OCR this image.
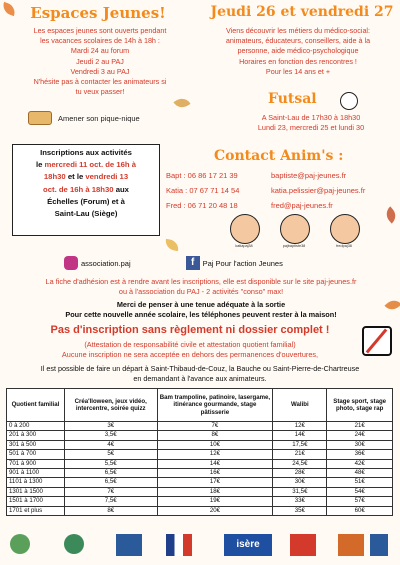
Espaces Jeunes!	Jeudi 26 et vendredi 27
Les espaces jeunes sont ouverts pendant
les vacances scolaires de 14h à 18h :
Mardi 24 au forum
Jeudi 2 au PAJ
Vendredi 3 au PAJ
N'hésite pas à contacter les animateurs si
tu veux passer!
Viens découvrir les métiers du médico-social:
animateurs, éducateurs, conseillers, aide à la
personne, aide médico-psychologique
Horaires en fonction des rencontres !
Pour les 14 ans et +
Amener son pique-nique
Futsal
A Saint-Lau de 17h30 à 18h30
Lundi 23, mercredi 25 et lundi 30
Inscriptions aux activités
le mercredi 11 oct. de 16h à
18h30 et le vendredi 13
oct. de 16h à 18h30 aux
Échelles (Forum) et à
Saint-Lau (Siège)
Contact Anim's :
Bapt : 06 86 17 21 39	baptiste@paj-jeunes.fr
Katia : 07 67 71 14 54	katia.pelissier@paj-jeunes.fr
Fred : 06 71 20 48 18	fred@paj-jeunes.fr
katiapaj38	pajbaptiste38	fredpaj38
association.paj	f	Paj Pour l'action Jeunes
La fiche d'adhésion est à rendre avant les inscriptions, elle est disponible sur le site paj-jeunes.fr
ou à l'association du PAJ - 2 activités "conso" max!
Merci de penser à une tenue adéquate à la sortie
Pour cette nouvelle année scolaire, les téléphones peuvent rester à la maison!
Pas d'inscription sans règlement ni dossier complet !
(Attestation de responsabilité civile et attestation quotient familial)
Aucune inscription ne sera acceptée en dehors des permanences d'ouvertures,
Il est possible de faire un départ à Saint-Thibaud-de-Couz, la Bauche ou Saint-Pierre-de-Chartreuse
en demandant à l'avance aux animateurs.
Quotient familial	Créa'lloween, jeux vidéo, intercentre, soirée quizz	Bam trampoline, patinoire, lasergame, itinérance gourmande, stage pâtisserie	Walibi	Stage sport, stage photo, stage rap
0 à 200	3€	7€	12€	21€
201 à 300	3,5€	8€	14€	24€
301 à 500	4€	10€	17,5€	30€
501 à 700	5€	12€	21€	36€
701 à 900	5,5€	14€	24,5€	42€
901 à 1100	6,5€	16€	28€	48€
1101 à 1300	6,5€	17€	30€	51€
1301 à 1500	7€	18€	31,5€	54€
1501 à 1700	7,5€	19€	33€	57€
1701 et plus	8€	20€	35€	60€
isère
